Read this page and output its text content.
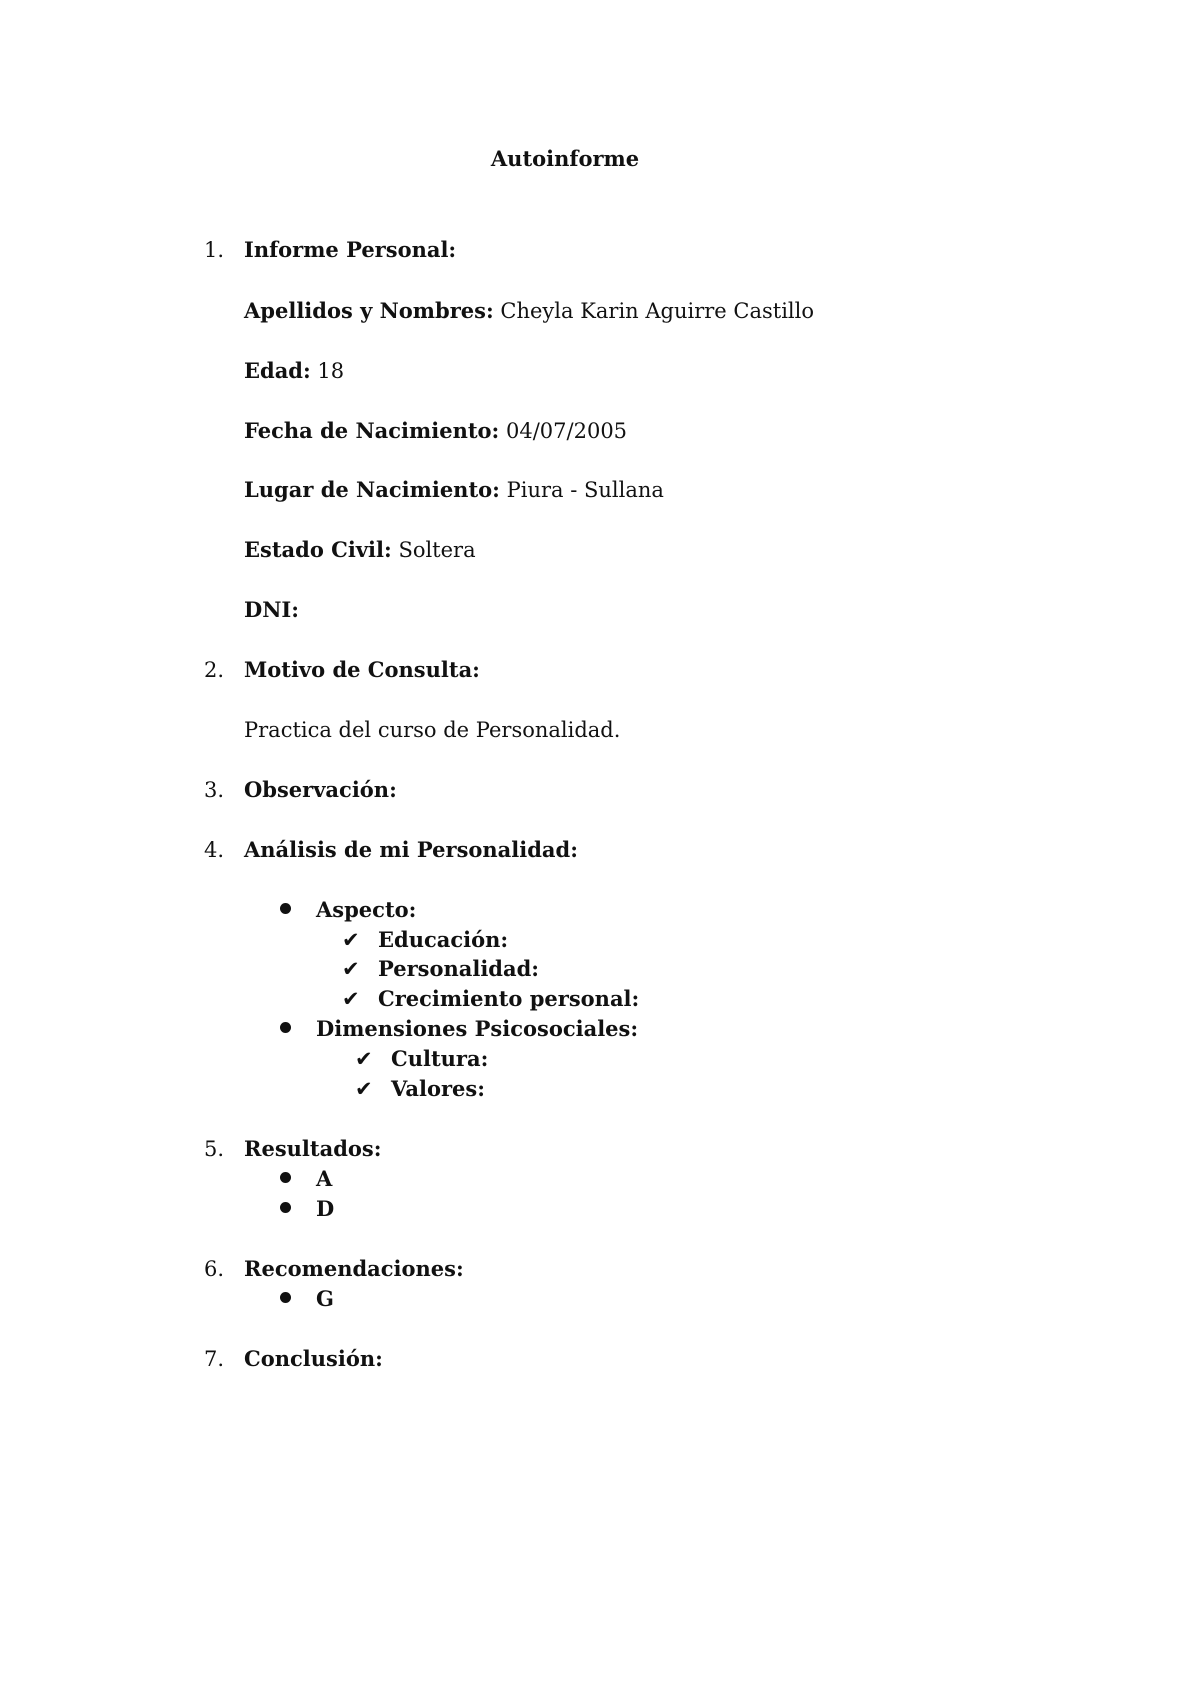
Autoinforme
1. Informe Personal:
Apellidos y Nombres: Cheyla Karin Aguirre Castillo
Edad: 18
Fecha de Nacimiento: 04/07/2005
Lugar de Nacimiento: Piura - Sullana
Estado Civil: Soltera
DNI:
2. Motivo de Consulta:
Practica del curso de Personalidad.
3. Observación:
4. Análisis de mi Personalidad:
Aspecto:
✔ Educación:
✔ Personalidad:
✔ Crecimiento personal:
Dimensiones Psicosociales:
✔ Cultura:
✔ Valores:
5. Resultados:
A
D
6. Recomendaciones:
G
7. Conclusión:
